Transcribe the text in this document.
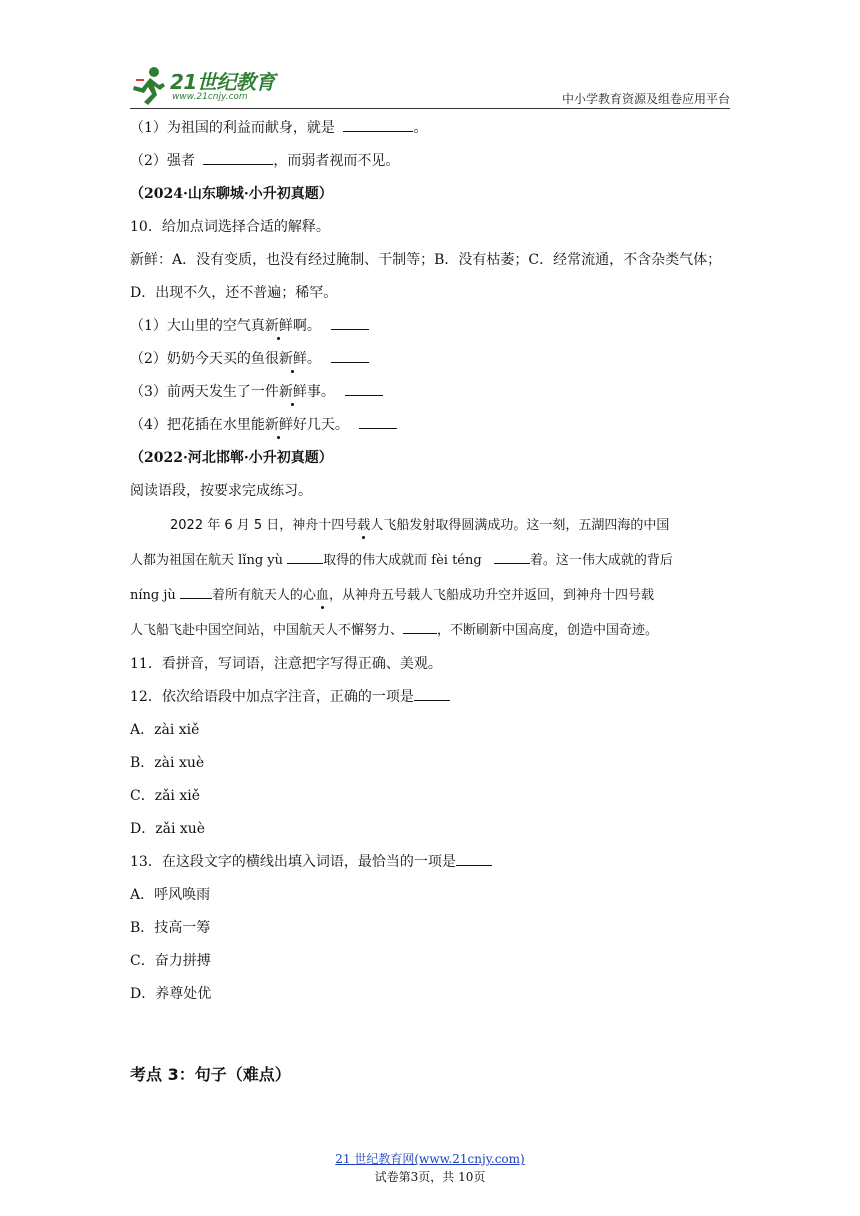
21世纪教育
www.21cnjy.com	中小学教育资源及组卷应用平台
（1）为祖国的利益而献身，就是	。
（2）强者	，而弱者视而不见。
（2024·山东聊城·小升初真题）
10．给加点词选择合适的解释。
新鲜：A．没有变质，也没有经过腌制、干制等；B．没有枯萎；C．经常流通，不含杂类气体；D．出现不久，还不普遍；稀罕。
（1）大山里的空气真新鲜啊。
（2）奶奶今天买的鱼很新鲜。
（3）前两天发生了一件新鲜事。
（4）把花插在水里能新鲜好几天。
（2022·河北邯郸·小升初真题）
阅读语段，按要求完成练习。
2022 年 6 月 5 日，神舟十四号载人飞船发射取得圆满成功。这一刻，五湖四海的中国
人都为祖国在航天 lǐng yù	取得的伟大成就而 fèi téng	着。这一伟大成就的背后
níng jù	着所有航天人的心血，从神舟五号载人飞船成功升空并返回，到神舟十四号载
人飞船飞赴中国空间站，中国航天人不懈努力、	，不断刷新中国高度，创造中国奇迹。
11．看拼音，写词语，注意把字写得正确、美观。
12．依次给语段中加点字注音，正确的一项是
A．zài xiě
B．zài xuè
C．zǎi xiě
D．zǎi xuè
13．在这段文字的横线出填入词语，最恰当的一项是
A．呼风唤雨
B．技高一筹
C．奋力拼搏
D．养尊处优
考点 3：句子（难点）
21 世纪教育网(www.21cnjy.com)
试卷第3页，共 10页
